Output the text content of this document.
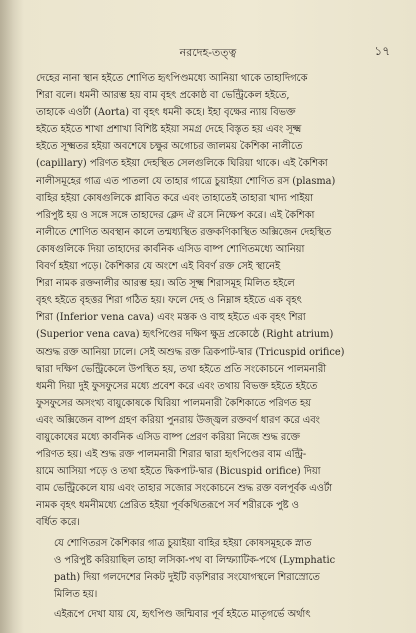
নরদেহ-তত্ত্ব	১৭

দেহের নানা স্থান হইতে শোণিত হৃৎপিণ্ডমধ্যে আনিয়া থাকে তাহাদিগকে
শিরা বলে। ধমনী আরম্ভ হয় বাম বৃহৎ প্রকোষ্ঠ বা ভেন্ট্রিকেল হইতে,
তাহাকে এওর্টা (Aorta) বা বৃহৎ ধমনী কহে। ইহা বৃক্ষের ন্যায় বিভক্ত
হইতে হইতে শাখা প্রশাখা বিশিষ্ট হইয়া সমগ্র দেহে বিস্তৃত হয় এবং সূক্ষ্ম
হইতে সূক্ষ্মতর হইয়া অবশেষে চক্ষুর অগোচর জালময় কৈশিকা নালীতে
(capillary) পরিণত হইয়া দেহস্থিত সেলগুলিকে ঘিরিয়া থাকে। এই কৈশিকা
নালীসমূহের গাত্র এত পাতলা যে তাহার গাত্রে চুয়াইয়া শোণিত রস (plasma)
বাহির হইয়া কোষগুলিকে প্লাবিত করে এবং তাহাতেই তাহারা খাদ্য পাইয়া
পরিপুষ্ট হয় ও সঙ্গে সঙ্গে তাহাদের ক্লেদ ঐ রসে নিক্ষেপ করে। এই কৈশিকা
নালীতে শোণিত অবস্থান কালে তন্মধ্যস্থিত রক্তকণিকাস্থিত অক্সিজেন দেহস্থিত
কোষগুলিকে দিয়া তাহাদের কার্বনিক এসিড বাষ্প শোণিতমধ্যে আনিয়া
বিবর্ণ হইয়া পড়ে। কৈশিকার যে অংশে এই বিবর্ণ রক্ত সেই স্থানেই
শিরা নামক রক্তনালীর আরম্ভ হয়। অতি সূক্ষ্ম শিরাসমূহ মিলিত হইলে
বৃহৎ হইতে বৃহত্তর শিরা গঠিত হয়। ফলে দেহ ও নিম্নাঙ্গ হইতে এক বৃহৎ
শিরা (Inferior vena cava) এবং মস্তক ও বাহু হইতে এক বৃহৎ শিরা
(Superior vena cava) হৃৎপিণ্ডের দক্ষিণ ক্ষুদ্র প্রকোষ্ঠে (Right atrium)
অশুদ্ধ রক্ত আনিয়া ঢালে। সেই অশুদ্ধ রক্ত ত্রিকপাট-দ্বার (Tricuspid orifice)
দ্বারা দক্ষিণ ভেন্ট্রিকেলে উপস্থিত হয়, তথা হইতে প্রতি সংকোচনে পালমনারী
ধমনী দিয়া দুই ফুসফুসের মধ্যে প্রবেশ করে এবং তথায় বিভক্ত হইতে হইতে
ফুসফুসের অসংখ্য বায়ুকোষকে ঘিরিয়া পালমনারী কৈশিকাতে পরিণত হয়
এবং অক্সিজেন বাষ্প গ্রহণ করিয়া পুনরায় উজ্জ্বল রক্তবর্ণ ধারণ করে এবং
বায়ুকোষের মধ্যে কার্বনিক এসিড বাষ্প প্রেরণ করিয়া নিজে শুদ্ধ রক্তে
পরিণত হয়। এই শুদ্ধ রক্ত পালমনারী শিরার দ্বারা হৃৎপিণ্ডের বাম এন্ট্রি-
য়ামে আসিয়া পড়ে ও তথা হইতে দ্বিকপাট-দ্বার (Bicuspid orifice) দিয়া
বাম ভেন্ট্রিকেলে যায় এবং তাহার সজোর সংকোচনে শুদ্ধ রক্ত বলপূর্বক এওর্টা
নামক বৃহৎ ধমনীমধ্যে প্রেরিত হইয়া পূর্বকথিতরূপে সর্ব শরীরকে পুষ্ট ও
বর্ধিত করে।

যে শোণিতরস কৈশিকার গাত্র চুয়াইয়া বাহির হইয়া কোষসমূহকে স্নাত
ও পরিপুষ্ট করিয়াছিল তাহা লসিকা-পথ বা লিম্ফ্যাটিক-পথে (Lymphatic
path) দিয়া গলদেশের নিকট দুইটি বড়শিরার সংযোগস্থলে শিরাস্রোতে
মিলিত হয়।

এইরূপে দেখা যায় যে, হৃৎপিণ্ড জন্মিবার পূর্ব হইতে মাতৃগর্ভে অর্থাৎ
